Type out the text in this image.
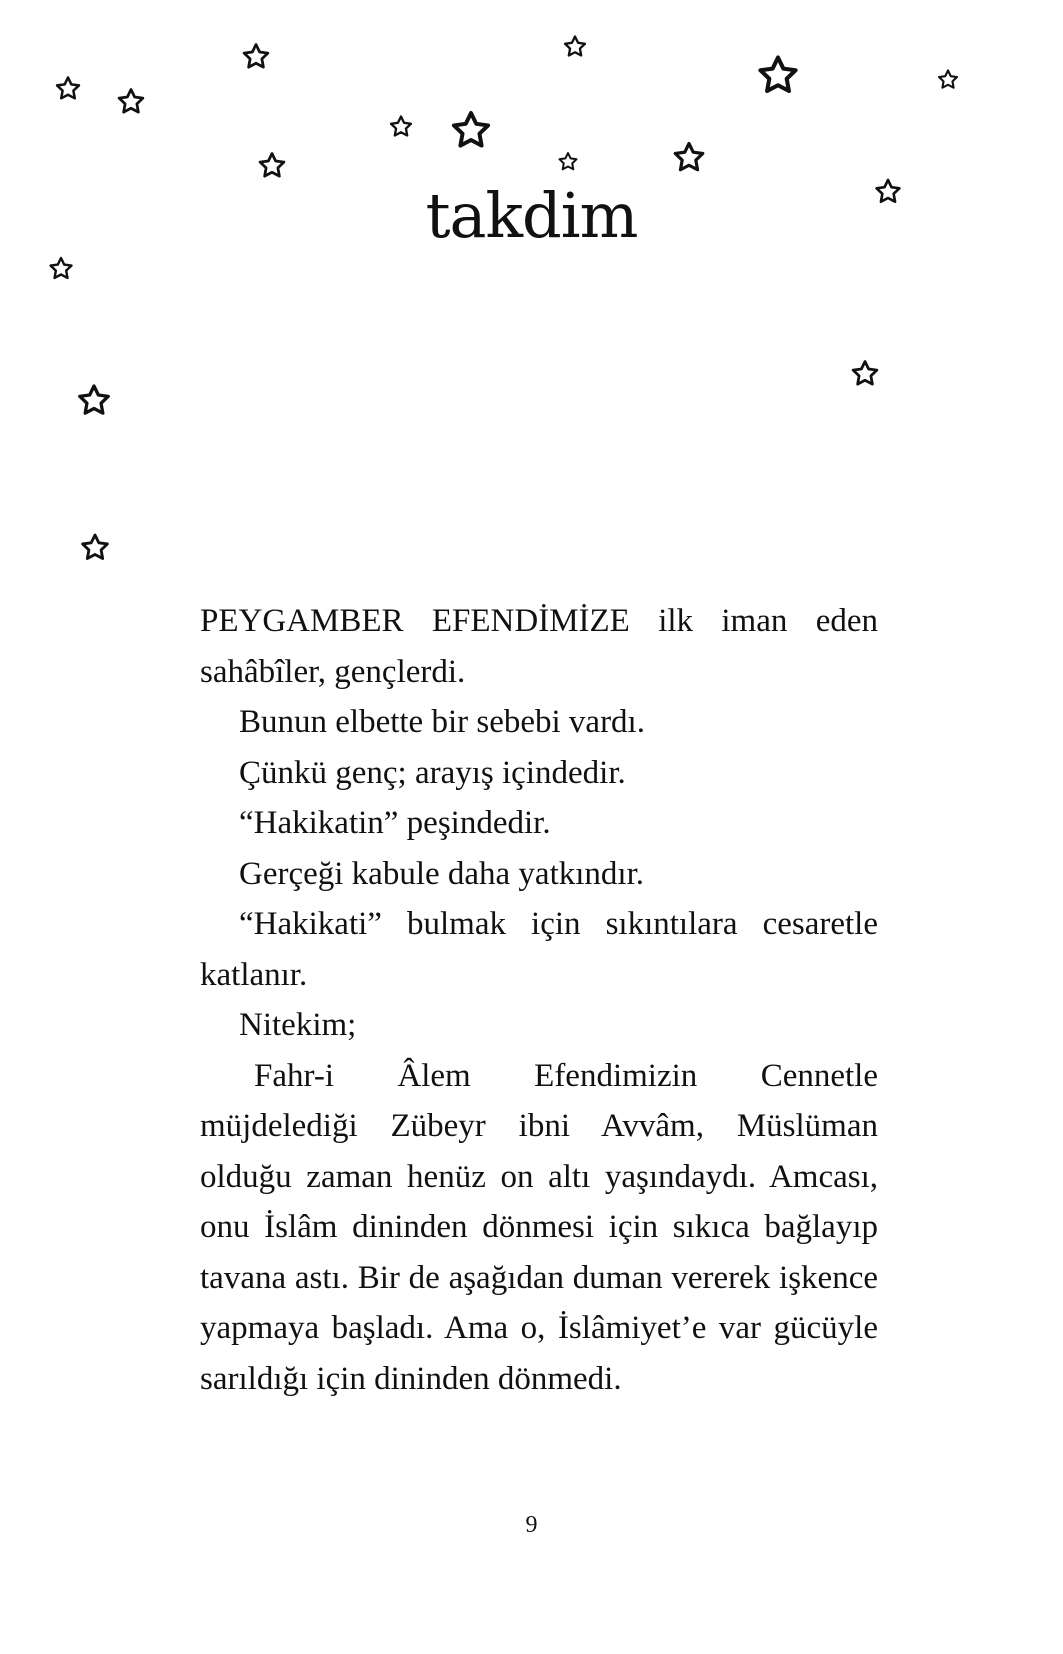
takdim

PEYGAMBER EFENDİMİZE ilk iman eden sahâbîler, gençlerdi.

Bunun elbette bir sebebi vardı.

Çünkü genç; arayış içindedir.

“Hakikatin” peşindedir.

Gerçeği kabule daha yatkındır.

“Hakikati” bulmak için sıkıntılara cesaretle katlanır.

Nitekim;

Fahr-i Âlem Efendimizin Cennetle müjdelediği Zübeyr ibni Avvâm, Müslüman olduğu zaman henüz on altı yaşındaydı. Amcası, onu İslâm dininden dönmesi için sıkıca bağlayıp tavana astı. Bir de aşağıdan duman vererek işkence yapmaya başladı. Ama o, İslâmiyet’e var gücüyle sarıldığı için dininden dönmedi.

9
